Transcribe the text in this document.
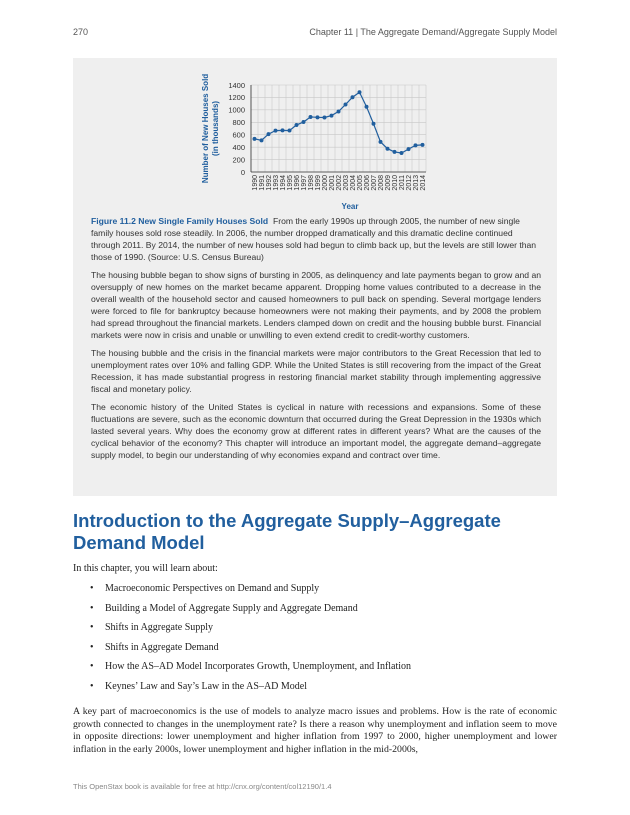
270	Chapter 11 | The Aggregate Demand/Aggregate Supply Model
0
200
400
600
800
1000
1200
1400
1990 1991 1992 1993 1994 1995 1996 1997 1998 1999 2000 2001 2002 2003 2004 2005 2006 2007 2008 2009 2010 2011 2012 2013 2014
Number of New Houses Sold (in thousands)
Year

Figure 11.2 New Single Family Houses Sold From the early 1990s up through 2005, the number of new single family houses sold rose steadily. In 2006, the number dropped dramatically and this dramatic decline continued through 2011. By 2014, the number of new houses sold had begun to climb back up, but the levels are still lower than those of 1990. (Source: U.S. Census Bureau)

The housing bubble began to show signs of bursting in 2005, as delinquency and late payments began to grow and an oversupply of new homes on the market became apparent. Dropping home values contributed to a decrease in the overall wealth of the household sector and caused homeowners to pull back on spending. Several mortgage lenders were forced to file for bankruptcy because homeowners were not making their payments, and by 2008 the problem had spread throughout the financial markets. Lenders clamped down on credit and the housing bubble burst. Financial markets were now in crisis and unable or unwilling to even extend credit to credit-worthy customers.

The housing bubble and the crisis in the financial markets were major contributors to the Great Recession that led to unemployment rates over 10% and falling GDP. While the United States is still recovering from the impact of the Great Recession, it has made substantial progress in restoring financial market stability through implementing aggressive fiscal and monetary policy.

The economic history of the United States is cyclical in nature with recessions and expansions. Some of these fluctuations are severe, such as the economic downturn that occurred during the Great Depression in the 1930s which lasted several years. Why does the economy grow at different rates in different years? What are the causes of the cyclical behavior of the economy? This chapter will introduce an important model, the aggregate demand–aggregate supply model, to begin our understanding of why economies expand and contract over time.

Introduction to the Aggregate Supply–Aggregate Demand Model

In this chapter, you will learn about:

• Macroeconomic Perspectives on Demand and Supply
• Building a Model of Aggregate Supply and Aggregate Demand
• Shifts in Aggregate Supply
• Shifts in Aggregate Demand
• How the AS–AD Model Incorporates Growth, Unemployment, and Inflation
• Keynes’ Law and Say’s Law in the AS–AD Model

A key part of macroeconomics is the use of models to analyze macro issues and problems. How is the rate of economic growth connected to changes in the unemployment rate? Is there a reason why unemployment and inflation seem to move in opposite directions: lower unemployment and higher inflation from 1997 to 2000, higher unemployment and lower inflation in the early 2000s, lower unemployment and higher inflation in the mid-2000s,

This OpenStax book is available for free at http://cnx.org/content/col12190/1.4
